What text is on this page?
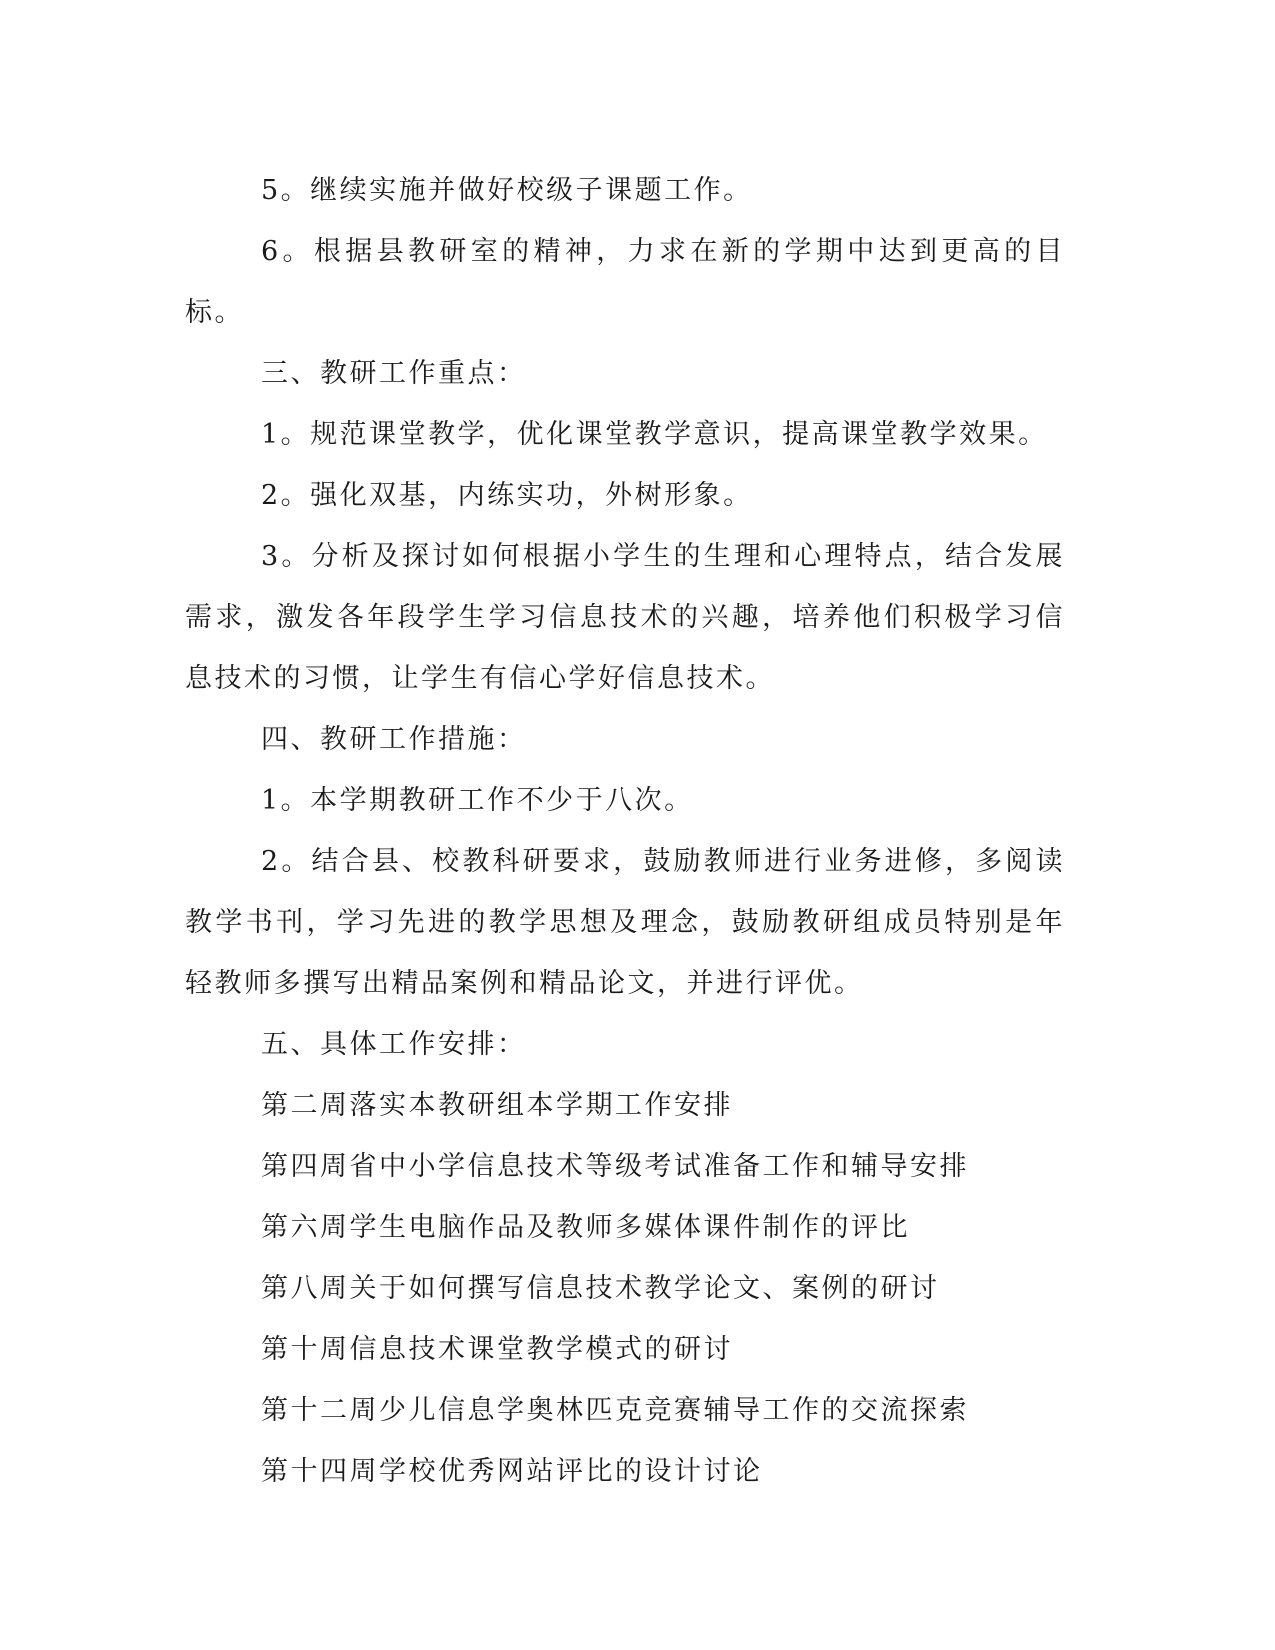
5。继续实施并做好校级子课题工作。

6。根据县教研室的精神，力求在新的学期中达到更高的目标。

三、教研工作重点：

1。规范课堂教学，优化课堂教学意识，提高课堂教学效果。

2。强化双基，内练实功，外树形象。

3。分析及探讨如何根据小学生的生理和心理特点，结合发展需求，激发各年段学生学习信息技术的兴趣，培养他们积极学习信息技术的习惯，让学生有信心学好信息技术。

四、教研工作措施：

1。本学期教研工作不少于八次。

2。结合县、校教科研要求，鼓励教师进行业务进修，多阅读教学书刊，学习先进的教学思想及理念，鼓励教研组成员特别是年轻教师多撰写出精品案例和精品论文，并进行评优。

五、具体工作安排：

第二周落实本教研组本学期工作安排

第四周省中小学信息技术等级考试准备工作和辅导安排

第六周学生电脑作品及教师多媒体课件制作的评比

第八周关于如何撰写信息技术教学论文、案例的研讨

第十周信息技术课堂教学模式的研讨

第十二周少儿信息学奥林匹克竞赛辅导工作的交流探索

第十四周学校优秀网站评比的设计讨论
